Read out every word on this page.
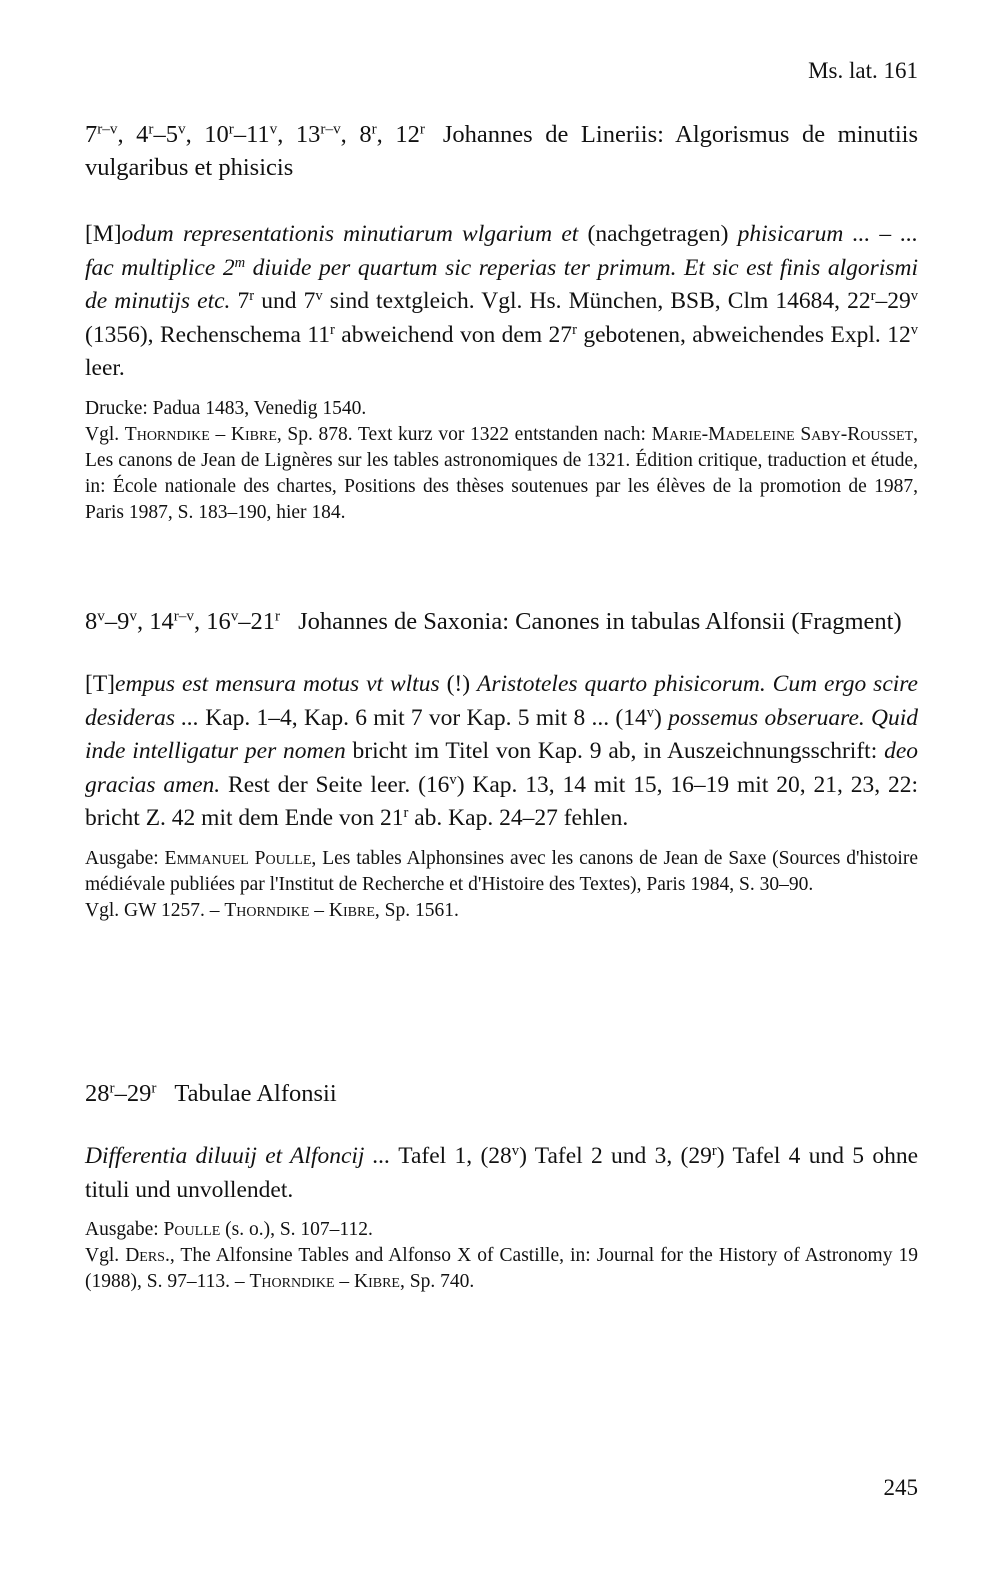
Ms. lat. 161

7$^{r-v}$, 4$^r$–5$^v$, 10$^r$–11$^v$, 13$^{r-v}$, 8$^r$, 12$^r$ Johannes de Lineriis: Algorismus de minutiis vulgaribus et phisicis

[M]odum representationis minutiarum wlgarium et (nachgetragen) phisicarum ... – ... fac multiplice 2$^m$ diuide per quartum sic reperias ter primum. Et sic est finis algorismi de minutijs etc. 7$^r$ und 7$^v$ sind textgleich. Vgl. Hs. München, BSB, Clm 14684, 22$^r$–29$^v$ (1356), Rechenschema 11$^r$ abweichend von dem 27$^r$ gebotenen, abweichendes Expl. 12$^v$ leer.

Drucke: Padua 1483, Venedig 1540.

Vgl. Thorndike – Kibre, Sp. 878. Text kurz vor 1322 entstanden nach: Marie-Madeleine Saby-Rousset, Les canons de Jean de Lignères sur les tables astronomiques de 1321. Édition critique, traduction et étude, in: École nationale des chartes, Positions des thèses soutenues par les élèves de la promotion de 1987, Paris 1987, S. 183–190, hier 184.

8$^v$–9$^v$, 14$^{r-v}$, 16$^v$–21$^r$ Johannes de Saxonia: Canones in tabulas Alfonsii (Fragment)

[T]empus est mensura motus vt wltus (!) Aristoteles quarto phisicorum. Cum ergo scire desideras ... Kap. 1–4, Kap. 6 mit 7 vor Kap. 5 mit 8 ... (14$^v$) possemus obseruare. Quid inde intelligatur per nomen bricht im Titel von Kap. 9 ab, in Auszeichnungsschrift: deo gracias amen. Rest der Seite leer. (16$^v$) Kap. 13, 14 mit 15, 16–19 mit 20, 21, 23, 22: bricht Z. 42 mit dem Ende von 21$^r$ ab. Kap. 24–27 fehlen.

Ausgabe: Emmanuel Poulle, Les tables Alphonsines avec les canons de Jean de Saxe (Sources d'histoire médiévale publiées par l'Institut de Recherche et d'Histoire des Textes), Paris 1984, S. 30–90.

Vgl. GW 1257. – Thorndike – Kibre, Sp. 1561.

28$^r$–29$^r$ Tabulae Alfonsii

Differentia diluuij et Alfoncij ... Tafel 1, (28$^v$) Tafel 2 und 3, (29$^r$) Tafel 4 und 5 ohne tituli und unvollendet.

Ausgabe: Poulle (s. o.), S. 107–112.

Vgl. Ders., The Alfonsine Tables and Alfonso X of Castille, in: Journal for the History of Astronomy 19 (1988), S. 97–113. – Thorndike – Kibre, Sp. 740.

245
